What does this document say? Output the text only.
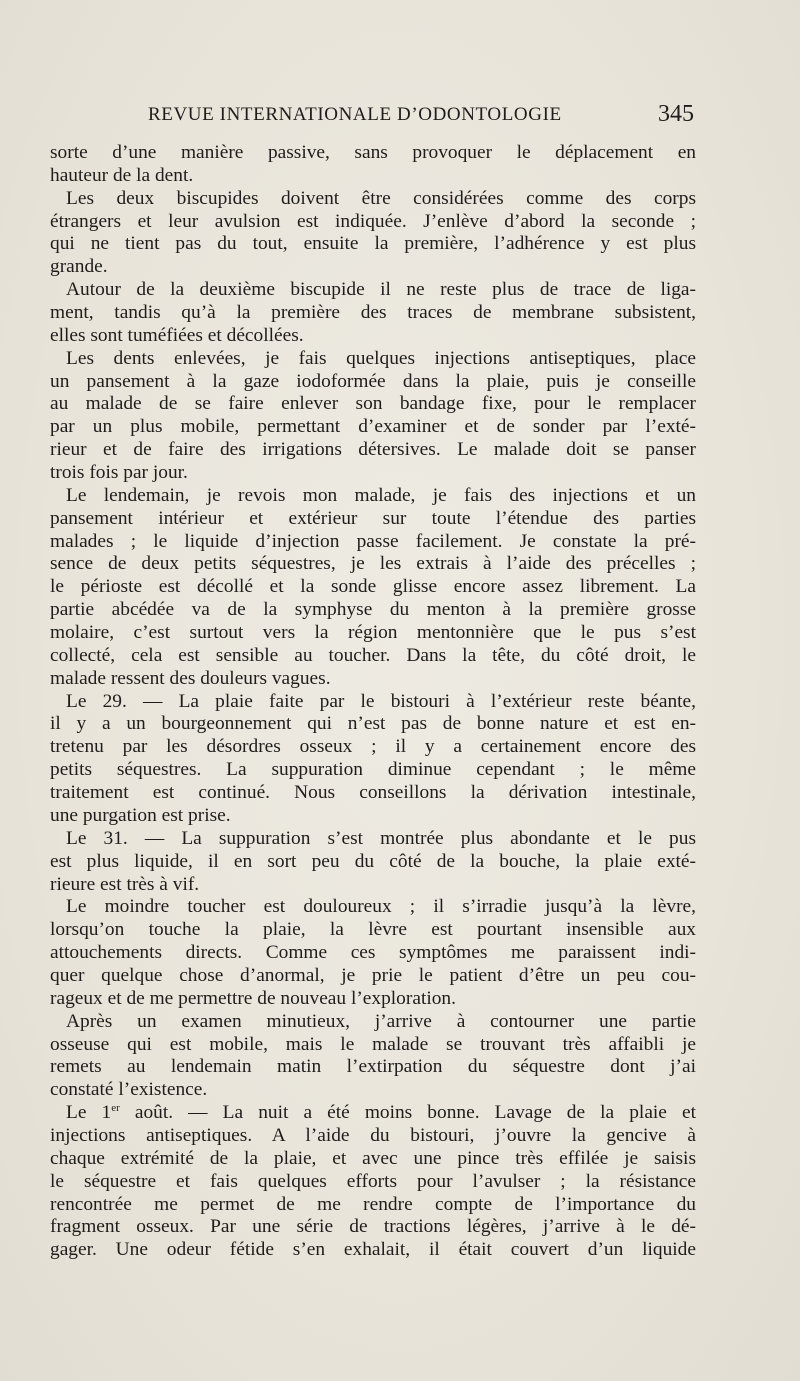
REVUE INTERNATIONALE D’ODONTOLOGIE	345
sorte d’une manière passive, sans provoquer le déplacement en
hauteur de la dent.
Les deux biscupides doivent être considérées comme des corps
étrangers et leur avulsion est indiquée. J’enlève d’abord la seconde ;
qui ne tient pas du tout, ensuite la première, l’adhérence y est plus
grande.
Autour de la deuxième biscupide il ne reste plus de trace de liga-
ment, tandis qu’à la première des traces de membrane subsistent,
elles sont tuméfiées et décollées.
Les dents enlevées, je fais quelques injections antiseptiques, place
un pansement à la gaze iodoformée dans la plaie, puis je conseille
au malade de se faire enlever son bandage fixe, pour le remplacer
par un plus mobile, permettant d’examiner et de sonder par l’exté-
rieur et de faire des irrigations détersives. Le malade doit se panser
trois fois par jour.
Le lendemain, je revois mon malade, je fais des injections et un
pansement intérieur et extérieur sur toute l’étendue des parties
malades ; le liquide d’injection passe facilement. Je constate la pré-
sence de deux petits séquestres, je les extrais à l’aide des précelles ;
le périoste est décollé et la sonde glisse encore assez librement. La
partie abcédée va de la symphyse du menton à la première grosse
molaire, c’est surtout vers la région mentonnière que le pus s’est
collecté, cela est sensible au toucher. Dans la tête, du côté droit, le
malade ressent des douleurs vagues.
Le 29. — La plaie faite par le bistouri à l’extérieur reste béante,
il y a un bourgeonnement qui n’est pas de bonne nature et est en-
tretenu par les désordres osseux ; il y a certainement encore des
petits séquestres. La suppuration diminue cependant ; le même
traitement est continué. Nous conseillons la dérivation intestinale,
une purgation est prise.
Le 31. — La suppuration s’est montrée plus abondante et le pus
est plus liquide, il en sort peu du côté de la bouche, la plaie exté-
rieure est très à vif.
Le moindre toucher est douloureux ; il s’irradie jusqu’à la lèvre,
lorsqu’on touche la plaie, la lèvre est pourtant insensible aux
attouchements directs. Comme ces symptômes me paraissent indi-
quer quelque chose d’anormal, je prie le patient d’être un peu cou-
rageux et de me permettre de nouveau l’exploration.
Après un examen minutieux, j’arrive à contourner une partie
osseuse qui est mobile, mais le malade se trouvant très affaibli je
remets au lendemain matin l’extirpation du séquestre dont j’ai
constaté l’existence.
Le 1er août. — La nuit a été moins bonne. Lavage de la plaie et
injections antiseptiques. A l’aide du bistouri, j’ouvre la gencive à
chaque extrémité de la plaie, et avec une pince très effilée je saisis
le séquestre et fais quelques efforts pour l’avulser ; la résistance
rencontrée me permet de me rendre compte de l’importance du
fragment osseux. Par une série de tractions légères, j’arrive à le dé-
gager. Une odeur fétide s’en exhalait, il était couvert d’un liquide
